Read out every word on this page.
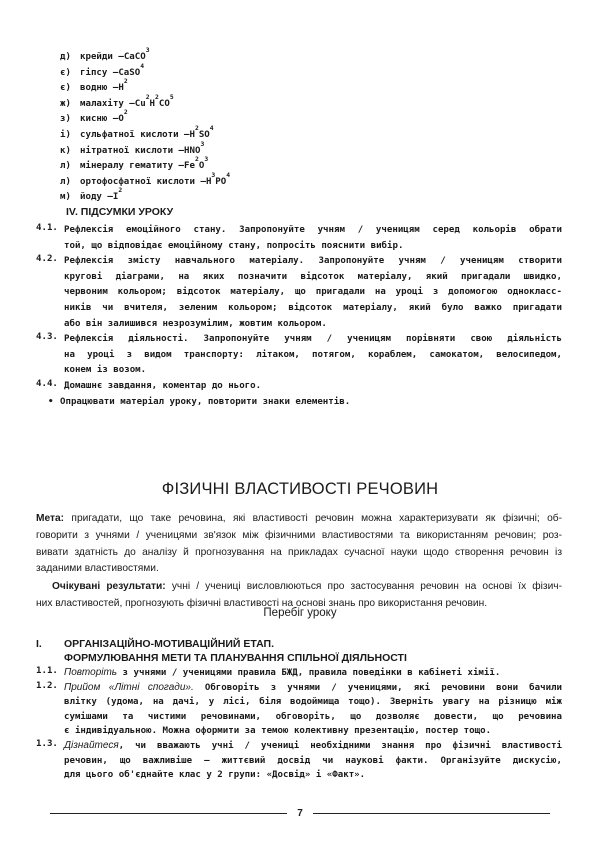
д) крейди — CaCO
3
є) гіпсу — CaSO
4
є) водню — H
2
ж) малахіту — Cu
2
H
2
CO
5
з) кисню — O
2
і) сульфатної кислоти — H
2
SO
4
к) нітратної кислоти — HNO
3
л) мінералу гематиту — Fe
2
O
3
л) ортофосфатної кислоти — H
3
PO
4
м) йоду — I
2
IV. ПІДСУМКИ УРОКУ
4.1. Рефлексія емоційного стану. Запропонуйте учням / ученицям серед кольорів обрати
той, що відповідає емоційному стану, попросіть пояснити вибір.
4.2. Рефлексія змісту навчального матеріалу. Запропонуйте учням / ученицям створити
кругові діаграми, на яких позначити відсоток матеріалу, який пригадали швидко,
червоним кольором; відсоток матеріалу, що пригадали на уроці з допомогою однокласс-
ників чи вчителя, зеленим кольором; відсоток матеріалу, який було важко пригадати
або він залишився незрозумілим, жовтим кольором.
4.3. Рефлексія діяльності. Запропонуйте учням / ученицям порівняти свою діяльність
на уроці з видом транспорту: літаком, потягом, кораблем, самокатом, велосипедом,
конем із возом.
4.4. Домашнє завдання, коментар до нього.
• Опрацювати матеріал уроку, повторити знаки елементів.
ФІЗИЧНІ ВЛАСТИВОСТІ РЕЧОВИН
Мета: пригадати, що таке речовина, які властивості речовин можна характеризувати як фізичні; об-
говорити з учнями / ученицями зв'язок між фізичними властивостями та використанням речовин; роз-
вивати здатність до аналізу й прогнозування на прикладах сучасної науки щодо створення речовин із
заданими властивостями.
Очікувані результати: учні / учениці висловлюються про застосування речовин на основі їх фізич-
них властивостей, прогнозують фізичні властивості на основі знань про використання речовин.
Перебіг уроку
I.	ОРГАНІЗАЦІЙНО-МОТИВАЦІЙНИЙ ЕТАП.
ФОРМУЛЮВАННЯ МЕТИ ТА ПЛАНУВАННЯ СПІЛЬНОЇ ДІЯЛЬНОСТІ
1.1. Повторіть з учнями / ученицями правила БЖД, правила поведінки в кабінеті хімії.
1.2. Прийом «Літні спогади». Обговоріть з учнями / ученицями, які речовини вони бачили
влітку (удома, на дачі, у лісі, біля водоймища тощо). Зверніть увагу на різницю між
сумішами та чистими речовинами, обговоріть, що дозволяє довести, що речовина
є індивідуальною. Можна оформити за темою колективну презентацію, постер тощо.
1.3. Дізнайтеся, чи вважають учні / учениці необхідними знання про фізичні властивості
речовин, що важливіше — життєвий досвід чи наукові факти. Організуйте дискусію,
для цього об'єднайте клас у 2 групи: «Досвід» і «Факт».
7
